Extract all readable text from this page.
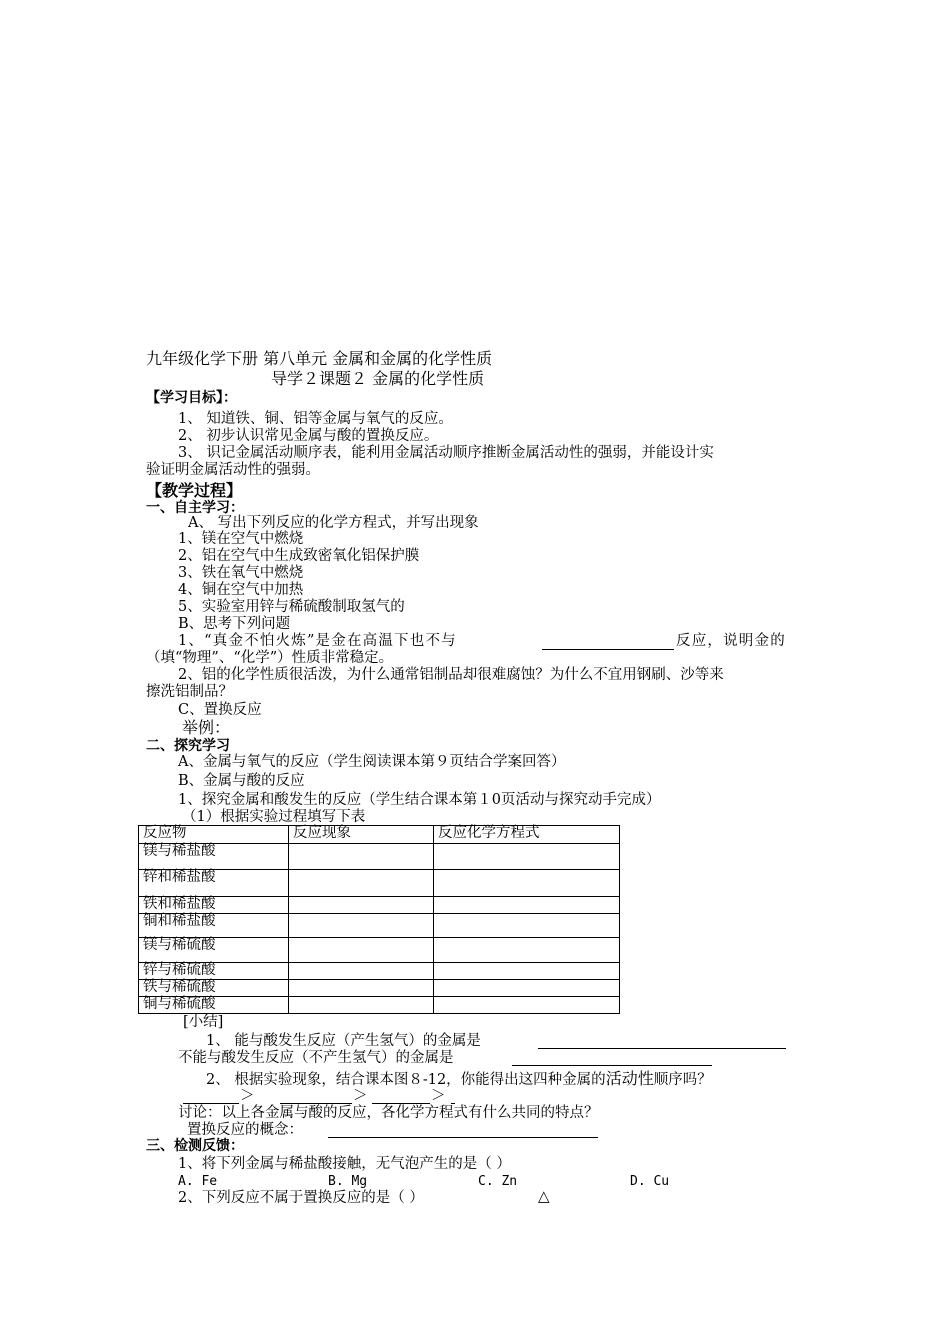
九年级化学下册 第八单元 金属和金属的化学性质
导学２课题２ 金属的化学性质
【学习目标】：
1、 知道铁、铜、铝等金属与氧气的反应。
2、 初步认识常见金属与酸的置换反应。
3、 识记金属活动顺序表，能利用金属活动顺序推断金属活动性的强弱，并能设计实
验证明金属活动性的强弱。
【教学过程】
一、自主学习：
A、 写出下列反应的化学方程式，并写出现象
1、镁在空气中燃烧
2、铝在空气中生成致密氧化铝保护膜
3、铁在氧气中燃烧
4、铜在空气中加热
5、实验室用锌与稀硫酸制取氢气的
B、思考下列问题
1、“真金不怕火炼”是金在高温下也不与	反应，说明金的
（填“物理”、“化学”）性质非常稳定。
2、铝的化学性质很活泼，为什么通常铝制品却很难腐蚀？为什么不宜用钢刷、沙等来
擦洗铝制品？
C、置换反应
举例：
二、探究学习
A、金属与氧气的反应（学生阅读课本第９页结合学案回答）
B、金属与酸的反应
1、探究金属和酸发生的反应（学生结合课本第１0页活动与探究动手完成）
（1）根据实验过程填写下表
反应物	反应现象	反应化学方程式
镁与稀盐酸		
锌和稀盐酸		
铁和稀盐酸		
铜和稀盐酸		
镁与稀硫酸		
锌与稀硫酸		
铁与稀硫酸		
铜与稀硫酸		
[小结]
1、 能与酸发生反应（产生氢气）的金属是
不能与酸发生反应（不产生氢气）的金属是
2、 根据实验现象，结合课本图８-12，你能得出这四种金属的活动性顺序吗？
＞	＞	＞
讨论：以上各金属与酸的反应，各化学方程式有什么共同的特点？
置换反应的概念：
三、检测反馈：
1、将下列金属与稀盐酸接触，无气泡产生的是（ ）
A. Fe	B. Mg	C. Zn	D. Cu
2、下列反应不属于置换反应的是（ ）	△
